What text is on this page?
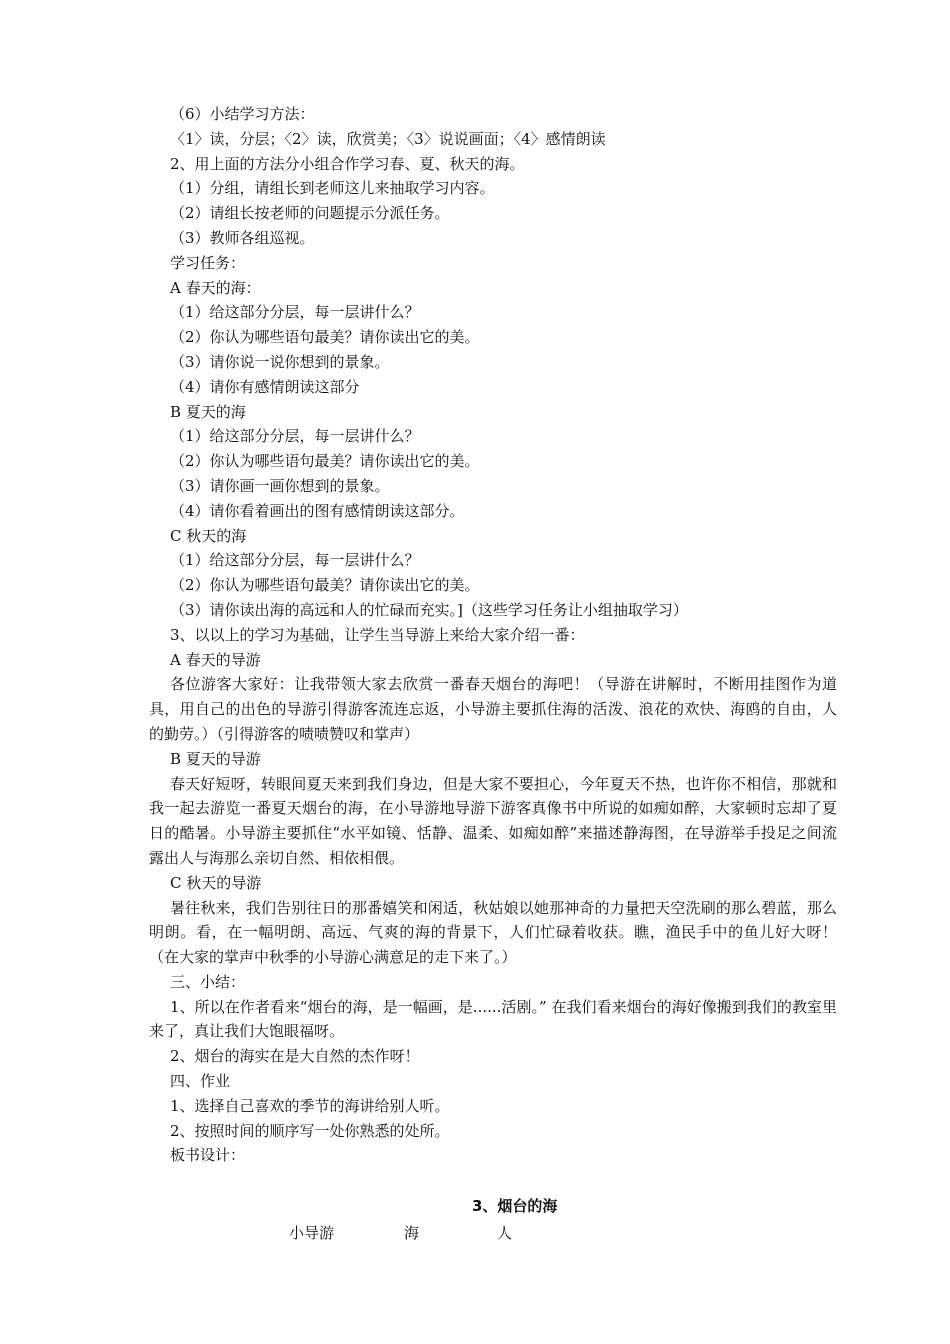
（6）小结学习方法：
〈1〉读，分层；〈2〉读，欣赏美；〈3〉说说画面；〈4〉感情朗读
2、用上面的方法分小组合作学习春、夏、秋天的海。
（1）分组，请组长到老师这儿来抽取学习内容。
（2）请组长按老师的问题提示分派任务。
（3）教师各组巡视。
学习任务：
A 春天的海：
（1）给这部分分层，每一层讲什么？
（2）你认为哪些语句最美？请你读出它的美。
（3）请你说一说你想到的景象。
（4）请你有感情朗读这部分
B 夏天的海
（1）给这部分分层，每一层讲什么？
（2）你认为哪些语句最美？请你读出它的美。
（3）请你画一画你想到的景象。
（4）请你看着画出的图有感情朗读这部分。
C 秋天的海
（1）给这部分分层，每一层讲什么？
（2）你认为哪些语句最美？请你读出它的美。
（3）请你读出海的高远和人的忙碌而充实。]（这些学习任务让小组抽取学习）
3、以以上的学习为基础，让学生当导游上来给大家介绍一番：
A 春天的导游
各位游客大家好：让我带领大家去欣赏一番春天烟台的海吧！（导游在讲解时，不断用挂图作为道具，用自己的出色的导游引得游客流连忘返，小导游主要抓住海的活泼、浪花的欢快、海鸥的自由，人的勤劳。）（引得游客的啧啧赞叹和掌声）
B 夏天的导游
春天好短呀，转眼间夏天来到我们身边，但是大家不要担心，今年夏天不热，也许你不相信，那就和我一起去游览一番夏天烟台的海，在小导游地导游下游客真像书中所说的如痴如醉，大家顿时忘却了夏日的酷暑。小导游主要抓住“水平如镜、恬静、温柔、如痴如醉”来描述静海图，在导游举手投足之间流露出人与海那么亲切自然、相依相偎。
C 秋天的导游
暑往秋来，我们告别往日的那番嬉笑和闲适，秋姑娘以她那神奇的力量把天空洗刷的那么碧蓝，那么明朗。看，在一幅明朗、高远、气爽的海的背景下，人们忙碌着收获。瞧，渔民手中的鱼儿好大呀！（在大家的掌声中秋季的小导游心满意足的走下来了。）
三、小结：
1、所以在作者看来“烟台的海，是一幅画，是......活剧。” 在我们看来烟台的海好像搬到我们的教室里来了，真让我们大饱眼福呀。
2、烟台的海实在是大自然的杰作呀！
四、作业
1、选择自己喜欢的季节的海讲给别人听。
2、按照时间的顺序写一处你熟悉的处所。
板书设计：
3、烟台的海
小导游	海	人
